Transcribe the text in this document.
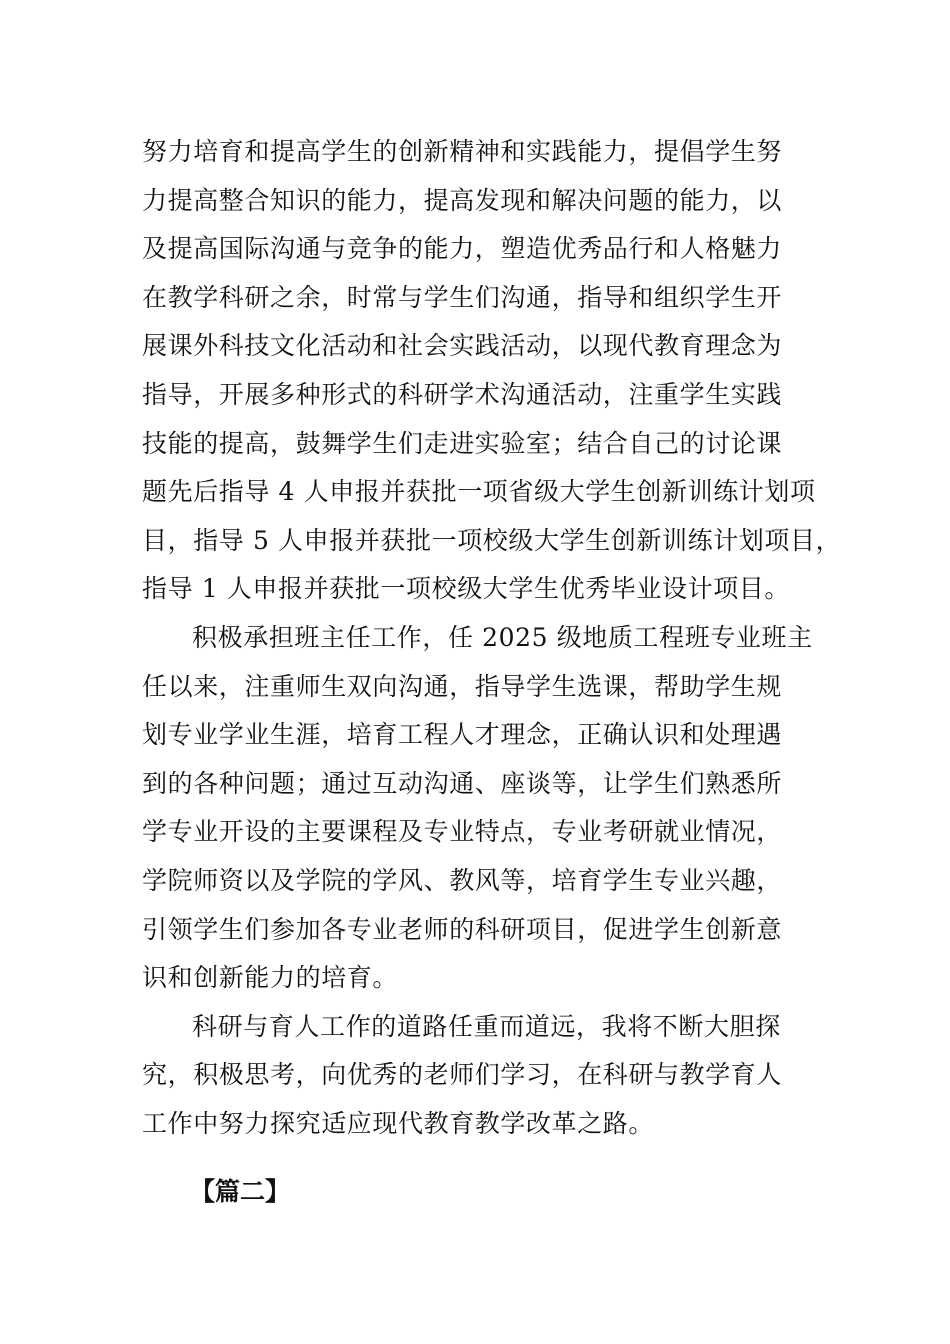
努力培育和提高学生的创新精神和实践能力，提倡学生努
力提高整合知识的能力，提高发现和解决问题的能力，以
及提高国际沟通与竞争的能力，塑造优秀品行和人格魅力
在教学科研之余，时常与学生们沟通，指导和组织学生开
展课外科技文化活动和社会实践活动，以现代教育理念为
指导，开展多种形式的科研学术沟通活动，注重学生实践
技能的提高，鼓舞学生们走进实验室；结合自己的讨论课
题先后指导 4 人申报并获批一项省级大学生创新训练计划项
目，指导 5 人申报并获批一项校级大学生创新训练计划项目，
指导 1 人申报并获批一项校级大学生优秀毕业设计项目。
积极承担班主任工作，任 2025 级地质工程班专业班主
任以来，注重师生双向沟通，指导学生选课，帮助学生规
划专业学业生涯，培育工程人才理念，正确认识和处理遇
到的各种问题；通过互动沟通、座谈等，让学生们熟悉所
学专业开设的主要课程及专业特点，专业考研就业情况，
学院师资以及学院的学风、教风等，培育学生专业兴趣，
引领学生们参加各专业老师的科研项目，促进学生创新意
识和创新能力的培育。
科研与育人工作的道路任重而道远，我将不断大胆探
究，积极思考，向优秀的老师们学习，在科研与教学育人
工作中努力探究适应现代教育教学改革之路。
【篇二】
